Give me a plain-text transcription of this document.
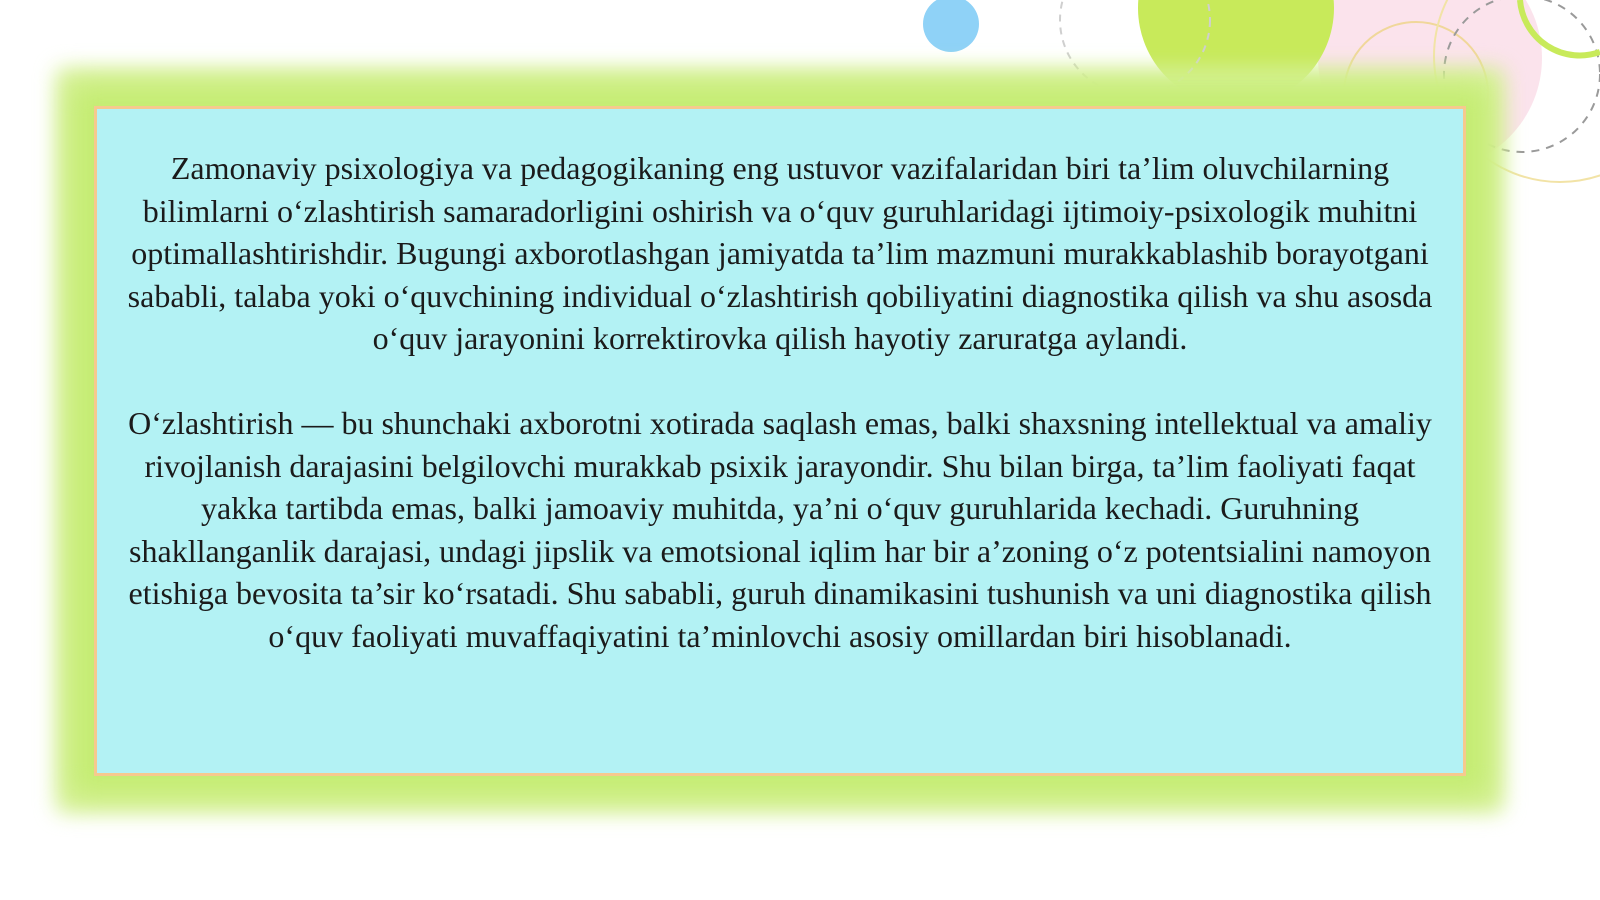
Zamonaviy psixologiya va pedagogikaning eng ustuvor vazifalaridan biri ta’lim oluvchilarning bilimlarni o‘zlashtirish samaradorligini oshirish va o‘quv guruhlaridagi ijtimoiy-psixologik muhitni optimallashtirishdir. Bugungi axborotlashgan jamiyatda ta’lim mazmuni murakkablashib borayotgani sababli, talaba yoki o‘quvchining individual o‘zlashtirish qobiliyatini diagnostika qilish va shu asosda o‘quv jarayonini korrektirovka qilish hayotiy zaruratga aylandi.

O‘zlashtirish — bu shunchaki axborotni xotirada saqlash emas, balki shaxsning intellektual va amaliy rivojlanish darajasini belgilovchi murakkab psixik jarayondir. Shu bilan birga, ta’lim faoliyati faqat yakka tartibda emas, balki jamoaviy muhitda, ya’ni o‘quv guruhlarida kechadi. Guruhning shakllanganlik darajasi, undagi jipslik va emotsional iqlim har bir a’zoning o‘z potentsialini namoyon etishiga bevosita ta’sir ko‘rsatadi. Shu sababli, guruh dinamikasini tushunish va uni diagnostika qilish o‘quv faoliyati muvaffaqiyatini ta’minlovchi asosiy omillardan biri hisoblanadi.
